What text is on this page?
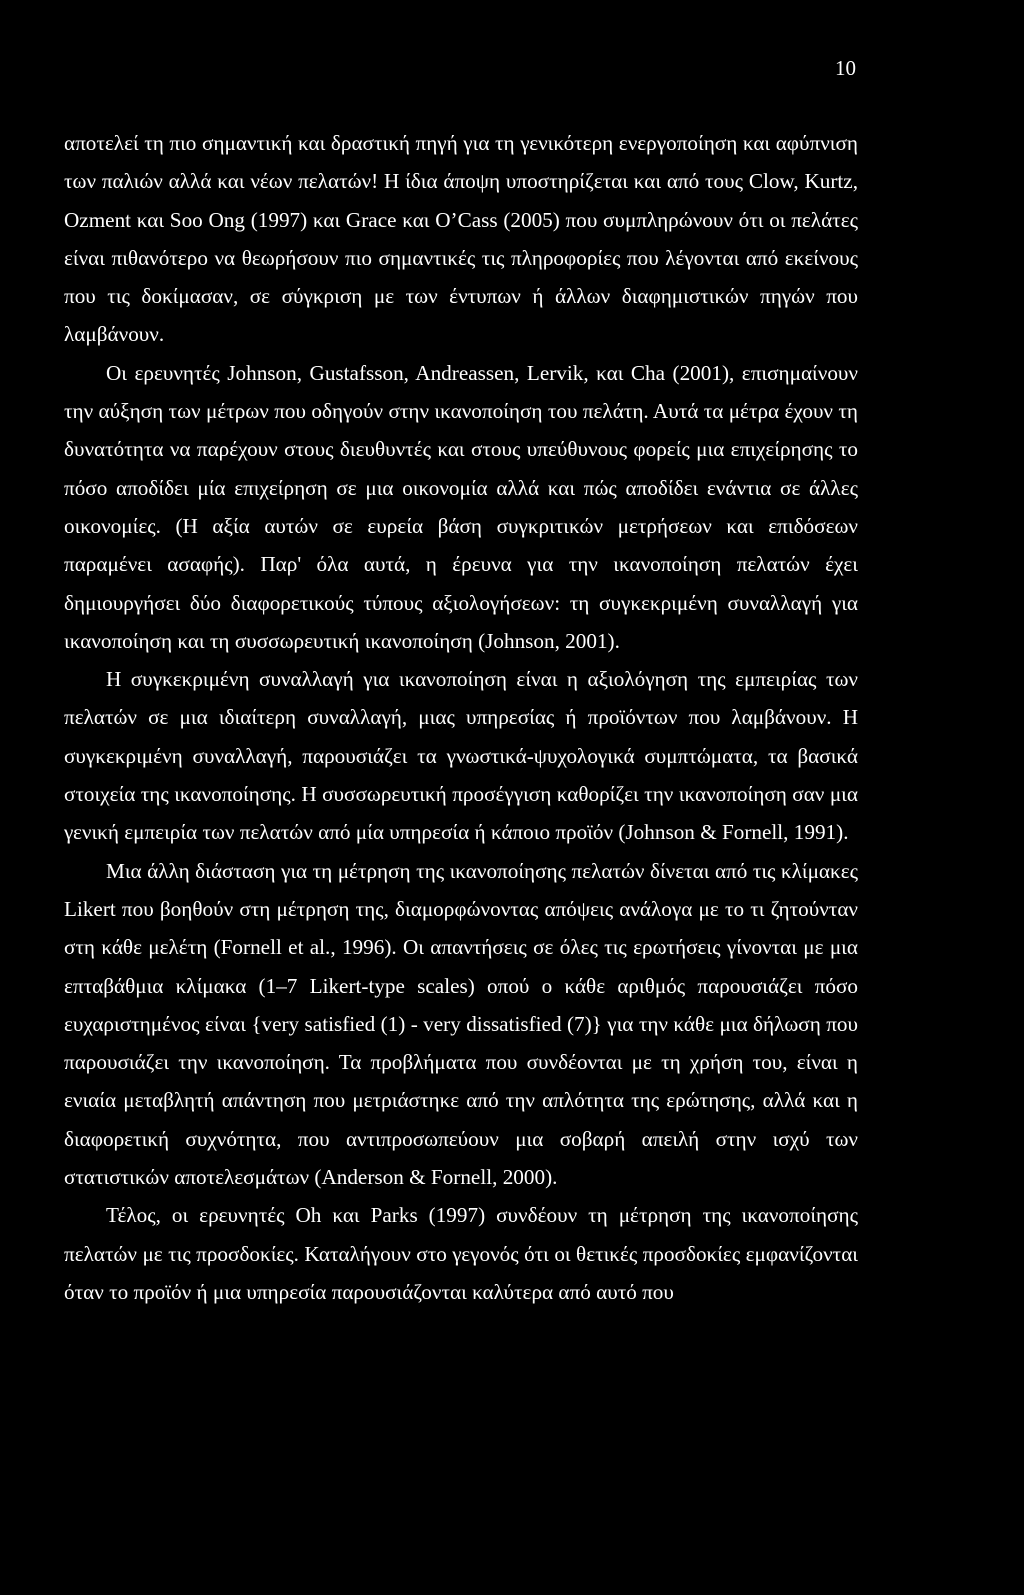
10

αποτελεί τη πιο σημαντική και δραστική πηγή για τη γενικότερη ενεργοποίηση και αφύπνιση των παλιών αλλά και νέων πελατών! Η ίδια άποψη υποστηρίζεται και από τους Clow, Kurtz, Ozment και Soo Ong (1997) και Grace και O’Cass (2005) που συμπληρώνουν ότι οι πελάτες είναι πιθανότερο να θεωρήσουν πιο σημαντικές τις πληροφορίες που λέγονται από εκείνους που τις δοκίμασαν, σε σύγκριση με των έντυπων ή άλλων διαφημιστικών πηγών που λαμβάνουν.

Οι ερευνητές Johnson, Gustafsson, Andreassen, Lervik, και Cha (2001), επισημαίνουν την αύξηση των μέτρων που οδηγούν στην ικανοποίηση του πελάτη. Αυτά τα μέτρα έχουν τη δυνατότητα να παρέχουν στους διευθυντές και στους υπεύθυνους φορείς μια επιχείρησης το πόσο αποδίδει μία επιχείρηση σε μια οικονομία αλλά και πώς αποδίδει ενάντια σε άλλες οικονομίες. (Η αξία αυτών σε ευρεία βάση συγκριτικών μετρήσεων και επιδόσεων παραμένει ασαφής). Παρ' όλα αυτά, η έρευνα για την ικανοποίηση πελατών έχει δημιουργήσει δύο διαφορετικούς τύπους αξιολογήσεων: τη συγκεκριμένη συναλλαγή για ικανοποίηση και τη συσσωρευτική ικανοποίηση (Johnson, 2001).

Η συγκεκριμένη συναλλαγή για ικανοποίηση είναι η αξιολόγηση της εμπειρίας των πελατών σε μια ιδιαίτερη συναλλαγή, μιας υπηρεσίας ή προϊόντων που λαμβάνουν. Η συγκεκριμένη συναλλαγή, παρουσιάζει τα γνωστικά-ψυχολογικά συμπτώματα, τα βασικά στοιχεία της ικανοποίησης. Η συσσωρευτική προσέγγιση καθορίζει την ικανοποίηση σαν μια γενική εμπειρία των πελατών από μία υπηρεσία ή κάποιο προϊόν (Johnson & Fornell, 1991).

Μια άλλη διάσταση για τη μέτρηση της ικανοποίησης πελατών δίνεται από τις κλίμακες Likert που βοηθούν στη μέτρηση της, διαμορφώνοντας απόψεις ανάλογα με το τι ζητούνταν στη κάθε μελέτη (Fornell et al., 1996). Οι απαντήσεις σε όλες τις ερωτήσεις γίνονται με μια επταβάθμια κλίμακα (1–7 Likert-type scales) οπού ο κάθε αριθμός παρουσιάζει πόσο ευχαριστημένος είναι {very satisfied (1) - very dissatisfied (7)} για την κάθε μια δήλωση που παρουσιάζει την ικανοποίηση. Τα προβλήματα που συνδέονται με τη χρήση του, είναι η ενιαία μεταβλητή απάντηση που μετριάστηκε από την απλότητα της ερώτησης, αλλά και η διαφορετική συχνότητα, που αντιπροσωπεύουν μια σοβαρή απειλή στην ισχύ των στατιστικών αποτελεσμάτων (Anderson & Fornell, 2000).

Τέλος, οι ερευνητές Oh και Parks (1997) συνδέουν τη μέτρηση της ικανοποίησης πελατών με τις προσδοκίες. Καταλήγουν στο γεγονός ότι οι θετικές προσδοκίες εμφανίζονται όταν το προϊόν ή μια υπηρεσία παρουσιάζονται καλύτερα από αυτό που
